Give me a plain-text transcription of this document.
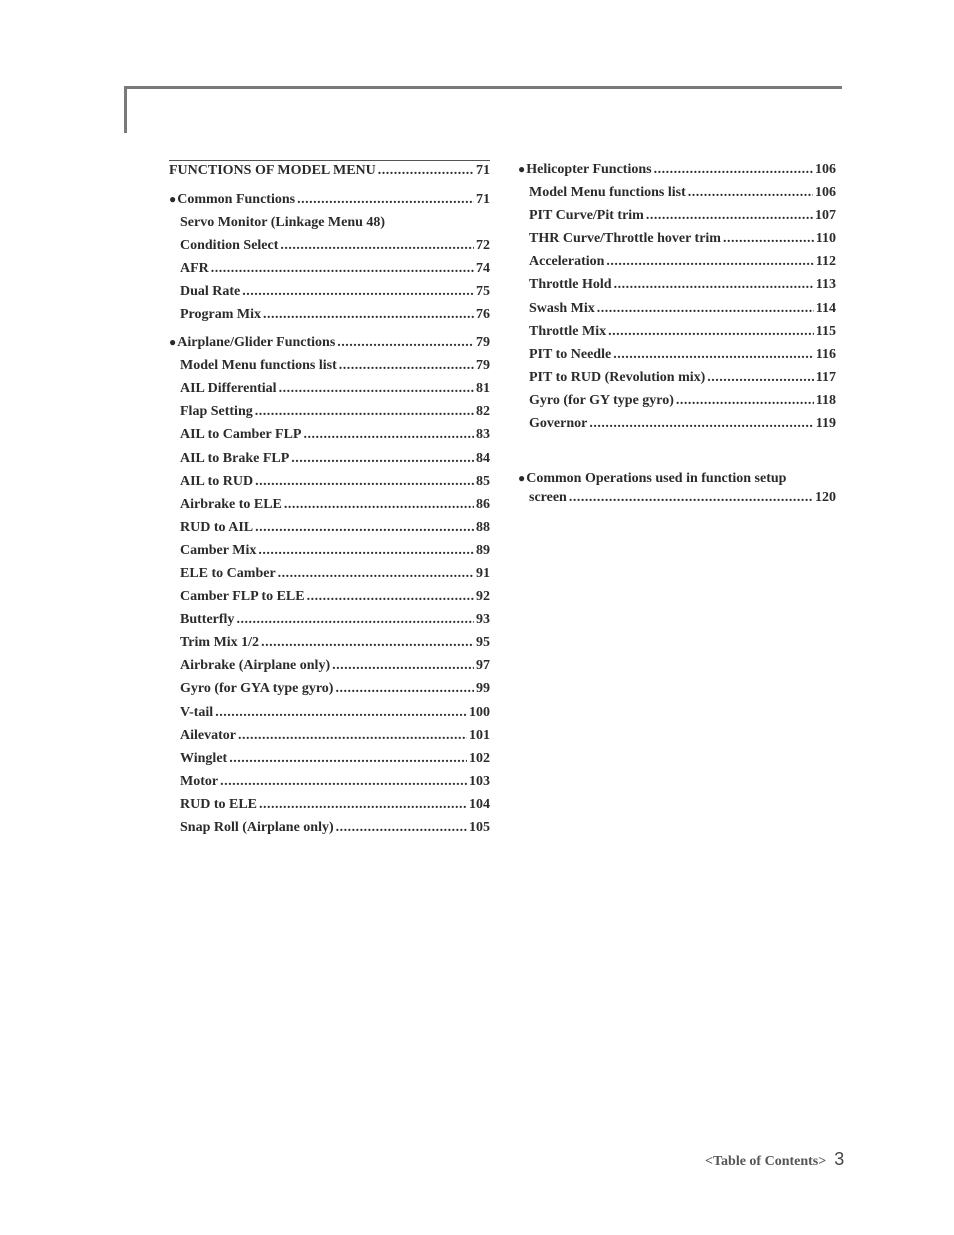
FUNCTIONS OF MODEL MENU .....	71
● Common Functions .....	71
Servo Monitor (Linkage Menu 48)
Condition Select .....	72
AFR .....	74
Dual Rate .....	75
Program Mix .....	76
● Airplane/Glider Functions .....	79
Model Menu functions list .....	79
AIL Differential .....	81
Flap Setting .....	82
AIL to Camber FLP .....	83
AIL to Brake FLP .....	84
AIL to RUD .....	85
Airbrake to ELE .....	86
RUD to AIL .....	88
Camber Mix .....	89
ELE to Camber .....	91
Camber FLP to ELE .....	92
Butterfly .....	93
Trim Mix 1/2 .....	95
Airbrake (Airplane only) .....	97
Gyro (for GYA type gyro) .....	99
V-tail .....	100
Ailevator .....	101
Winglet .....	102
Motor .....	103
RUD to ELE .....	104
Snap Roll (Airplane only) .....	105
● Helicopter Functions .....	106
Model Menu functions list .....	106
PIT Curve/Pit trim .....	107
THR Curve/Throttle hover trim .....	110
Acceleration .....	112
Throttle Hold .....	113
Swash Mix .....	114
Throttle Mix .....	115
PIT to Needle .....	116
PIT to RUD (Revolution mix) .....	117
Gyro (for GY type gyro) .....	118
Governor .....	119
●Common Operations used in function setup
screen .....	120
<Table of Contents> 3
